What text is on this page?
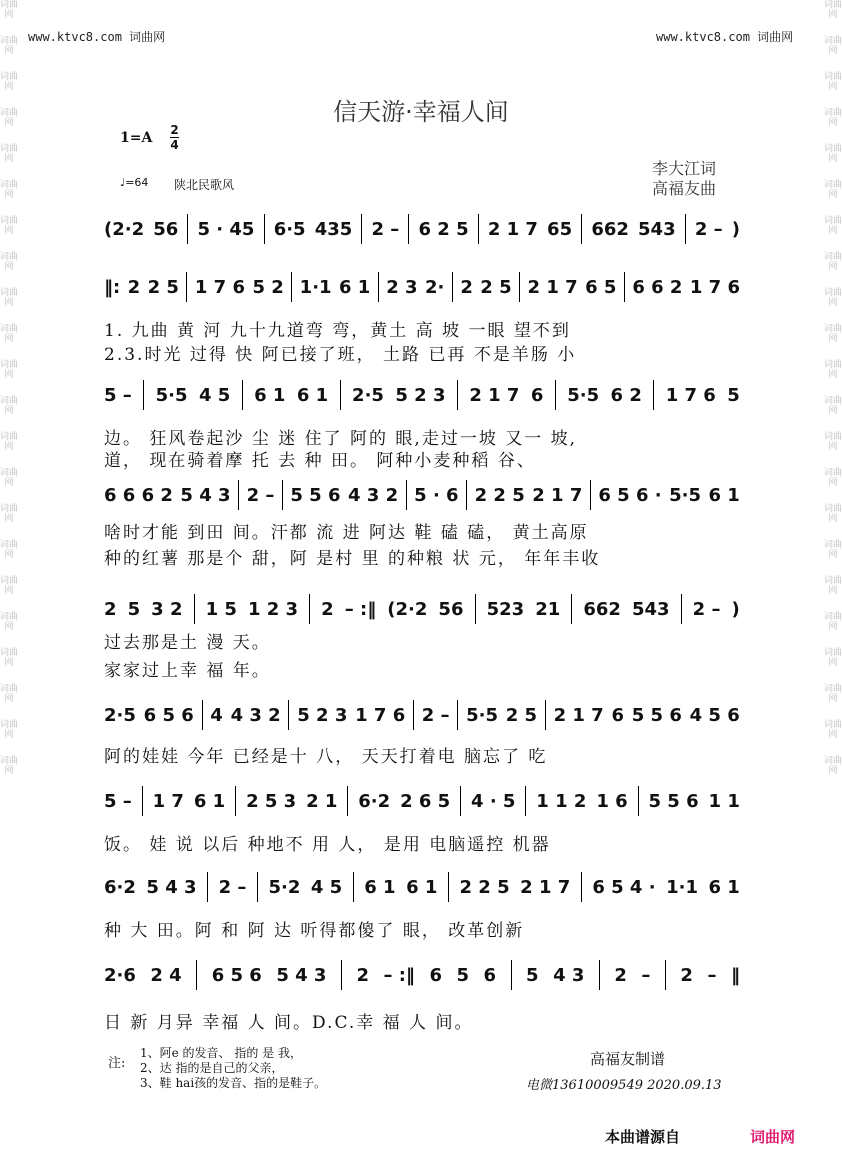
词曲网
词曲网
词曲网
词曲网
词曲网
词曲网
词曲网
词曲网
词曲网
词曲网
词曲网
词曲网
词曲网
词曲网
词曲网
词曲网
词曲网
词曲网
词曲网
词曲网
词曲网
词曲网
词曲网
词曲网
词曲网
词曲网
词曲网
词曲网
词曲网
词曲网
词曲网
词曲网
词曲网
词曲网
词曲网
词曲网
词曲网
词曲网
词曲网
词曲网
词曲网
词曲网
词曲网
词曲网
www.ktvc8.com 词曲网	www.ktvc8.com 词曲网
信天游·幸福人间
1=A 2
4
♩=64 陕北民歌风
李大江词
高福友曲
(2·2 56 5 · 45 6·5 435 2 – 6 2 5 2 1 7 65 662 543 2 – )
‖: 2 2 5 1 7 6 5 2 1·1 6 1 2 3 2· 2 2 5 2 1 7 6 5 6 6 2 1 7 6
5 – 5·5 4 5 6 1 6 1 2·5 5 2 3 2 1 7 6 5·5 6 2 1 7 6 5
6 6 6 2 5 4 3 2 – 5 5 6 4 3 2 5 · 6 2 2 5 2 1 7 6 5 6 · 5·5 6 1
2 5 3 2 1 5 1 2 3 2 – :‖ (2·2 56 523 21 662 543 2 – )
2·5 6 5 6 4 4 3 2 5 2 3 1 7 6 2 – 5·5 2 5 2 1 7 6 5 5 6 4 5 6
5 – 1 7 6 1 2 5 3 2 1 6·2 2 6 5 4 · 5 1 1 2 1 6 5 5 6 1 1
6·2 5 4 3 2 – 5·2 4 5 6 1 6 1 2 2 5 2 1 7 6 5 4 · 1·1 6 1
2·6 2 4 6 5 6 5 4 3 2 – :‖ 6 5 6 5 4 3 2 – 2 – ‖
1. 九曲 黄 河 九十九道弯 弯，黄土 高 坡 一眼 望不到
2.3.时光 过得 快 阿已接了班， 土路 已再 不是羊肠 小
边。 狂风卷起沙 尘 迷 住了 阿的 眼,走过一坡 又一 坡,
道， 现在骑着摩 托 去 种 田。 阿种小麦种稻 谷、
啥时才能 到田 间。汗都 流 进 阿达 鞋 磕 磕， 黄土高原
种的红薯 那是个 甜，阿 是村 里 的种粮 状 元， 年年丰收
过去那是土 漫 天。
家家过上幸 福 年。
阿的娃娃 今年 已经是十 八， 天天打着电 脑忘了 吃
饭。 娃 说 以后 种地不 用 人， 是用 电脑遥控 机器
种 大 田。阿 和 阿 达 听得都傻了 眼， 改革创新
日 新 月异 幸福 人 间。D.C.幸 福 人 间。
注:
1、阿e 的发音、 指的 是 我，
2、达 指的是自己的父亲，
3、鞋 hai孩的发音、指的是鞋子。
高福友制谱
电微13610009549 2020.09.13
本曲谱源自	词曲网
